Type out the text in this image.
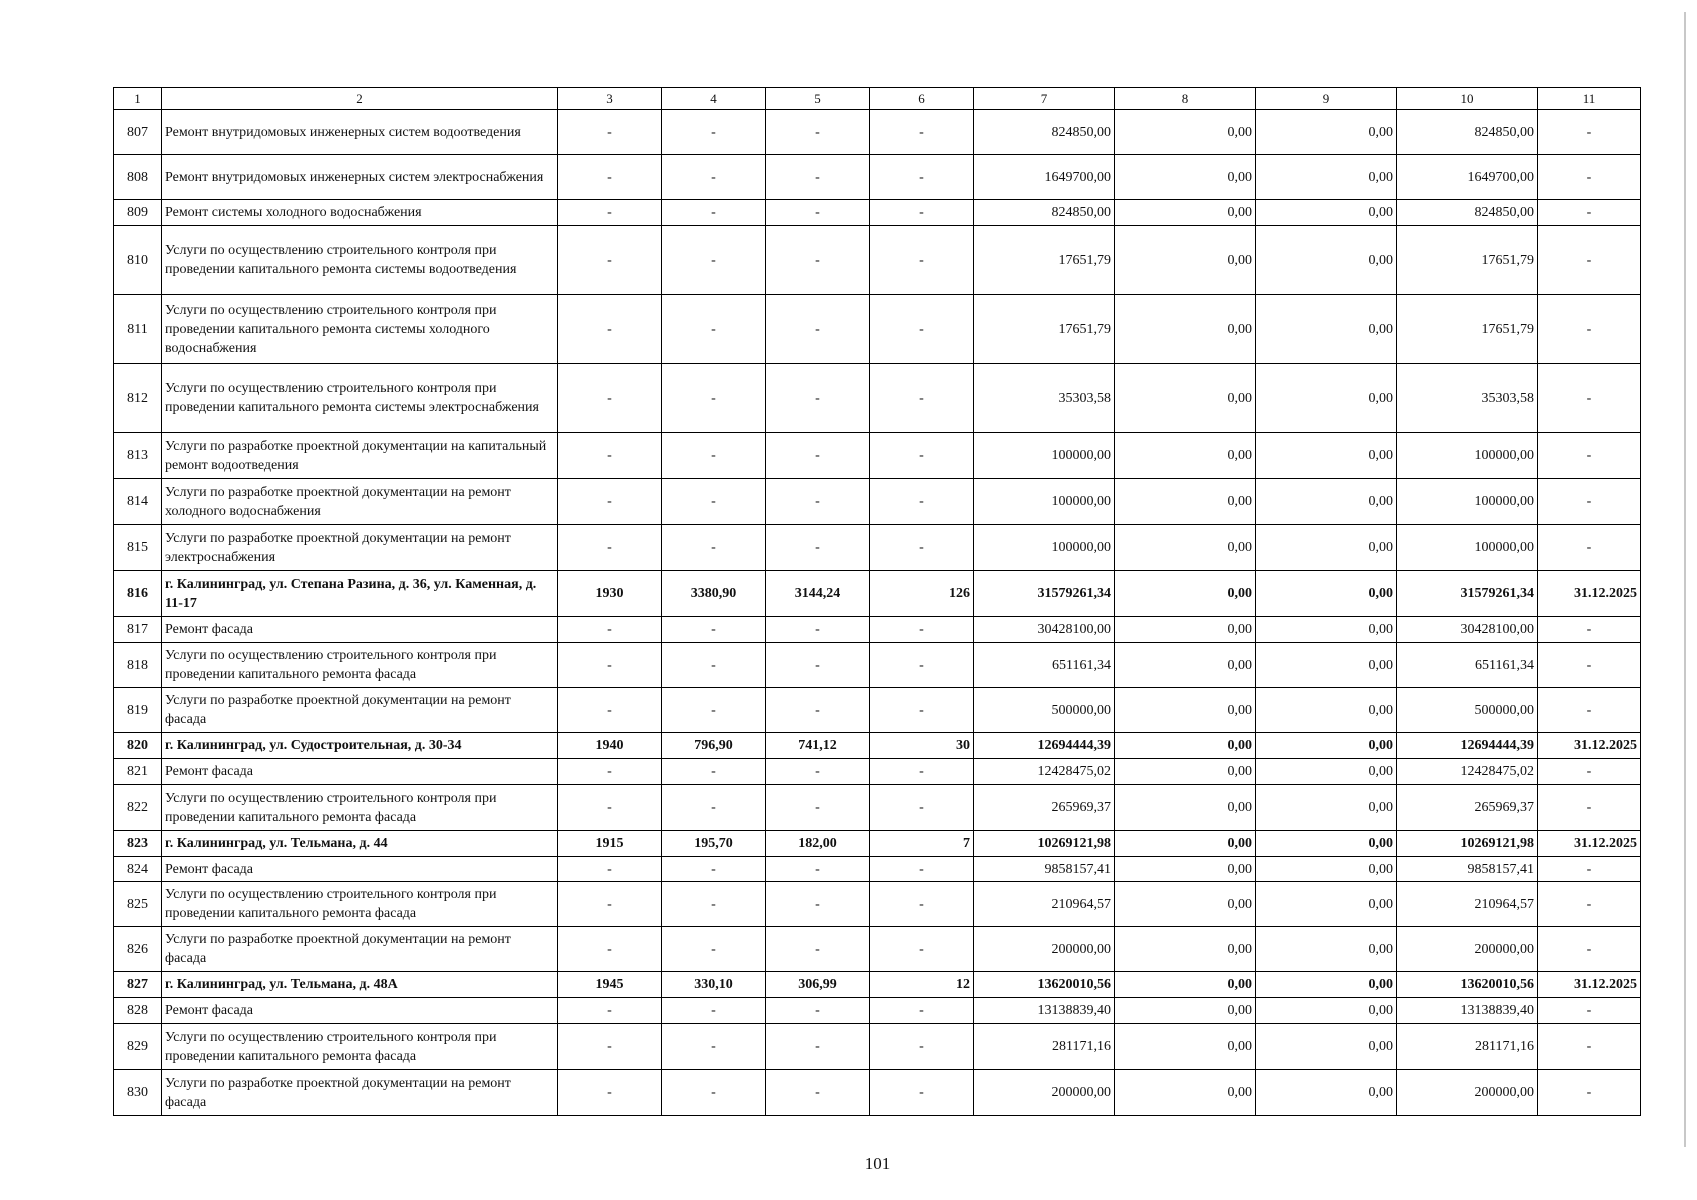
1	2	3	4	5	6	7	8	9	10	11
807	Ремонт внутридомовых инженерных систем водоотведения	-	-	-	-	824850,00	0,00	0,00	824850,00	-
808	Ремонт внутридомовых инженерных систем электроснабжения	-	-	-	-	1649700,00	0,00	0,00	1649700,00	-
809	Ремонт системы холодного водоснабжения	-	-	-	-	824850,00	0,00	0,00	824850,00	-
810	Услуги по осуществлению строительного контроля при проведении капитального ремонта системы водоотведения	-	-	-	-	17651,79	0,00	0,00	17651,79	-
811	Услуги по осуществлению строительного контроля при проведении капитального ремонта системы холодного водоснабжения	-	-	-	-	17651,79	0,00	0,00	17651,79	-
812	Услуги по осуществлению строительного контроля при проведении капитального ремонта системы электроснабжения	-	-	-	-	35303,58	0,00	0,00	35303,58	-
813	Услуги по разработке проектной документации на капитальный ремонт водоотведения	-	-	-	-	100000,00	0,00	0,00	100000,00	-
814	Услуги по разработке проектной документации на ремонт холодного водоснабжения	-	-	-	-	100000,00	0,00	0,00	100000,00	-
815	Услуги по разработке проектной документации на ремонт электроснабжения	-	-	-	-	100000,00	0,00	0,00	100000,00	-
816	г. Калининград, ул. Степана Разина, д. 36, ул. Каменная, д. 11-17	1930	3380,90	3144,24	126	31579261,34	0,00	0,00	31579261,34	31.12.2025
817	Ремонт фасада	-	-	-	-	30428100,00	0,00	0,00	30428100,00	-
818	Услуги по осуществлению строительного контроля при проведении капитального ремонта фасада	-	-	-	-	651161,34	0,00	0,00	651161,34	-
819	Услуги по разработке проектной документации на ремонт фасада	-	-	-	-	500000,00	0,00	0,00	500000,00	-
820	г. Калининград, ул. Судостроительная, д. 30-34	1940	796,90	741,12	30	12694444,39	0,00	0,00	12694444,39	31.12.2025
821	Ремонт фасада	-	-	-	-	12428475,02	0,00	0,00	12428475,02	-
822	Услуги по осуществлению строительного контроля при проведении капитального ремонта фасада	-	-	-	-	265969,37	0,00	0,00	265969,37	-
823	г. Калининград, ул. Тельмана, д. 44	1915	195,70	182,00	7	10269121,98	0,00	0,00	10269121,98	31.12.2025
824	Ремонт фасада	-	-	-	-	9858157,41	0,00	0,00	9858157,41	-
825	Услуги по осуществлению строительного контроля при проведении капитального ремонта фасада	-	-	-	-	210964,57	0,00	0,00	210964,57	-
826	Услуги по разработке проектной документации на ремонт фасада	-	-	-	-	200000,00	0,00	0,00	200000,00	-
827	г. Калининград, ул. Тельмана, д. 48А	1945	330,10	306,99	12	13620010,56	0,00	0,00	13620010,56	31.12.2025
828	Ремонт фасада	-	-	-	-	13138839,40	0,00	0,00	13138839,40	-
829	Услуги по осуществлению строительного контроля при проведении капитального ремонта фасада	-	-	-	-	281171,16	0,00	0,00	281171,16	-
830	Услуги по разработке проектной документации на ремонт фасада	-	-	-	-	200000,00	0,00	0,00	200000,00	-
101
